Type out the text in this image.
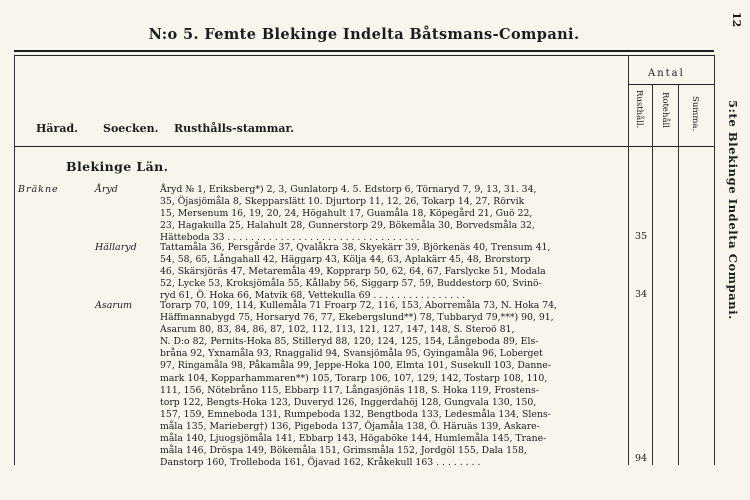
N:o 5. Femte Blekinge Indelta Båtsmans-Compani.
12
Antal
Rusthåll. Rotehåll Summa.
Härad. Soecken. Rusthålls-stammar.	5:te Blekinge Indelta Compani.
Blekinge Län.
Bräkne	Åryd	Åryd № 1, Eriksberg*) 2, 3, Gunlatorp 4. 5. Edstorp 6, Törnaryd 7, 9, 13, 31. 34,
35, Öjasjömåla 8, Skepparslätt 10. Djurtorp 11, 12, 26, Tokarp 14, 27, Rörvik
15, Mersenum 16, 19, 20, 24, Högahult 17, Guamåla 18, Köpegård 21, Guö 22,
23, Hagakulla 25, Halahult 28, Gunnerstorp 29, Bökemåla 30, Borvedsmåla 32,
Hätteboda 33 . . . . . . . . . . . . . . . . . . . . . . . . . . . . . . . . .	35
Hällaryd	Tattamåla 36, Persgårde 37, Qvalåkra 38, Skyekärr 39, Björkenäs 40, Trensum 41,
54, 58, 65, Långahall 42, Häggarp 43, Kölja 44, 63, Aplakärr 45, 48, Brorstorp
46, Skärsjöräs 47, Metaremåla 49, Kopprarp 50, 62, 64, 67, Farslycke 51, Modala
52, Lycke 53, Kroksjömåla 55, Kållaby 56, Siggarp 57, 59, Buddestorp 60, Svinö-
ryd 61, Ö. Hoka 66, Matvik 68, Vettekulla 69 . . . . . . . . . . . . . . . .	34
Asarum	Torarp 70, 109, 114, Kullemåla 71 Froarp 72, 116, 153, Aborremåla 73, N. Hoka 74,
Häffmannabygd 75, Horsaryd 76, 77, Ekebergslund**) 78, Tubbaryd 79,***) 90, 91,
Asarum 80, 83, 84, 86, 87, 102, 112, 113, 121, 127, 147, 148, S. Steroö 81,
N. D:o 82, Pernits-Hoka 85, Stilleryd 88, 120, 124, 125, 154, Långeboda 89, Els-
bråna 92, Yxnamåla 93, Rnaggalid 94, Svansjömåla 95, Gyingamåla 96, Loberget
97, Ringamåla 98, Påkamåla 99, Jeppe-Hoka 100, Elmta 101, Susekull 103, Danne-
mark 104, Kopparhammaren**) 105, Torarp 106, 107, 129, 142, Tostarp 108, 110,
111, 156, Nötebråno 115, Ebbarp 117, Långasjönäs 118, S. Hoka 119, Frostens-
torp 122, Bengts-Hoka 123, Duveryd 126, Inggerdahöj 128, Gungvala 130, 150,
157, 159, Emneboda 131, Rumpeboda 132, Bengtboda 133, Ledesmåla 134, Slens-
måla 135, Marieberg†) 136, Pigeboda 137, Öjamåla 138, Ö. Häruäs 139, Askare-
måla 140, Ljuogsjömåla 141, Ebbarp 143, Högaböke 144, Humlemåla 145, Trane-
måla 146, Dröspa 149, Bökemåla 151, Grimsmåla 152, Jordgöl 155, Dala 158,
Danstorp 160, Trolleboda 161, Öjavad 162, Kråkekull 163 . . . . . . . .	94
